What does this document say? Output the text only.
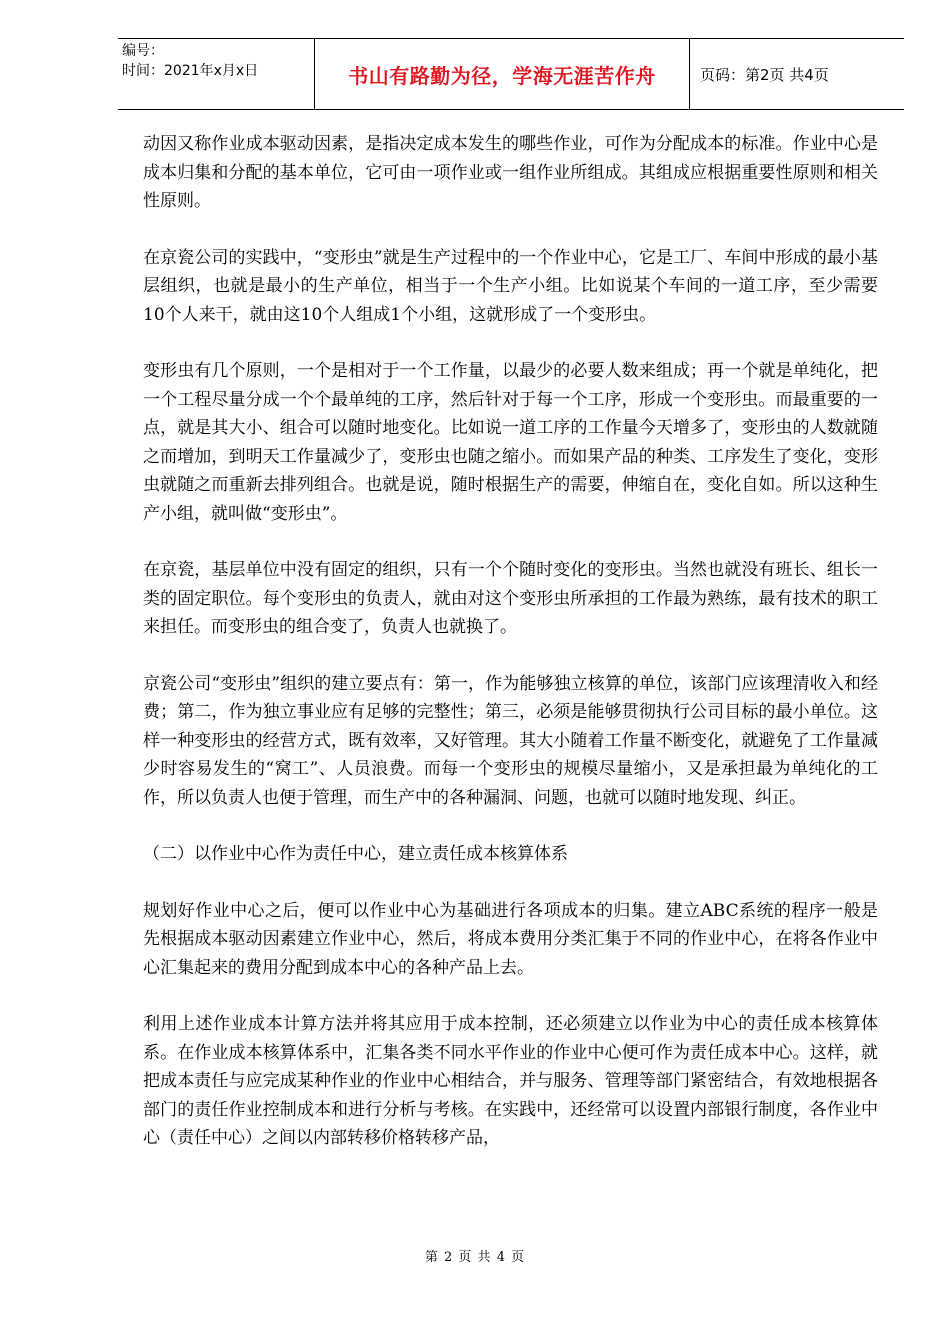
编号：
时间：2021年x月x日	书山有路勤为径，学海无涯苦作舟	页码：第2页 共4页

动因又称作业成本驱动因素，是指决定成本发生的哪些作业，可作为分配成本的标准。作业中心是成本归集和分配的基本单位，它可由一项作业或一组作业所组成。其组成应根据重要性原则和相关性原则。

在京瓷公司的实践中，“变形虫”就是生产过程中的一个作业中心，它是工厂、车间中形成的最小基层组织，也就是最小的生产单位，相当于一个生产小组。比如说某个车间的一道工序，至少需要10个人来干，就由这10个人组成1个小组，这就形成了一个变形虫。

变形虫有几个原则，一个是相对于一个工作量，以最少的必要人数来组成；再一个就是单纯化，把一个工程尽量分成一个个最单纯的工序，然后针对于每一个工序，形成一个变形虫。而最重要的一点，就是其大小、组合可以随时地变化。比如说一道工序的工作量今天增多了，变形虫的人数就随之而增加，到明天工作量减少了，变形虫也随之缩小。而如果产品的种类、工序发生了变化，变形虫就随之而重新去排列组合。也就是说，随时根据生产的需要，伸缩自在，变化自如。所以这种生产小组，就叫做“变形虫”。

在京瓷，基层单位中没有固定的组织，只有一个个随时变化的变形虫。当然也就没有班长、组长一类的固定职位。每个变形虫的负责人，就由对这个变形虫所承担的工作最为熟练，最有技术的职工来担任。而变形虫的组合变了，负责人也就换了。

京瓷公司“变形虫”组织的建立要点有：第一，作为能够独立核算的单位，该部门应该理清收入和经费；第二，作为独立事业应有足够的完整性；第三，必须是能够贯彻执行公司目标的最小单位。这样一种变形虫的经营方式，既有效率，又好管理。其大小随着工作量不断变化，就避免了工作量减少时容易发生的“窝工”、人员浪费。而每一个变形虫的规模尽量缩小，又是承担最为单纯化的工作，所以负责人也便于管理，而生产中的各种漏洞、问题，也就可以随时地发现、纠正。

（二）以作业中心作为责任中心，建立责任成本核算体系

规划好作业中心之后，便可以作业中心为基础进行各项成本的归集。建立ABC系统的程序一般是先根据成本驱动因素建立作业中心，然后，将成本费用分类汇集于不同的作业中心，在将各作业中心汇集起来的费用分配到成本中心的各种产品上去。

利用上述作业成本计算方法并将其应用于成本控制，还必须建立以作业为中心的责任成本核算体系。在作业成本核算体系中，汇集各类不同水平作业的作业中心便可作为责任成本中心。这样，就把成本责任与应完成某种作业的作业中心相结合，并与服务、管理等部门紧密结合，有效地根据各部门的责任作业控制成本和进行分析与考核。在实践中，还经常可以设置内部银行制度，各作业中心（责任中心）之间以内部转移价格转移产品，

第 2 页 共 4 页
